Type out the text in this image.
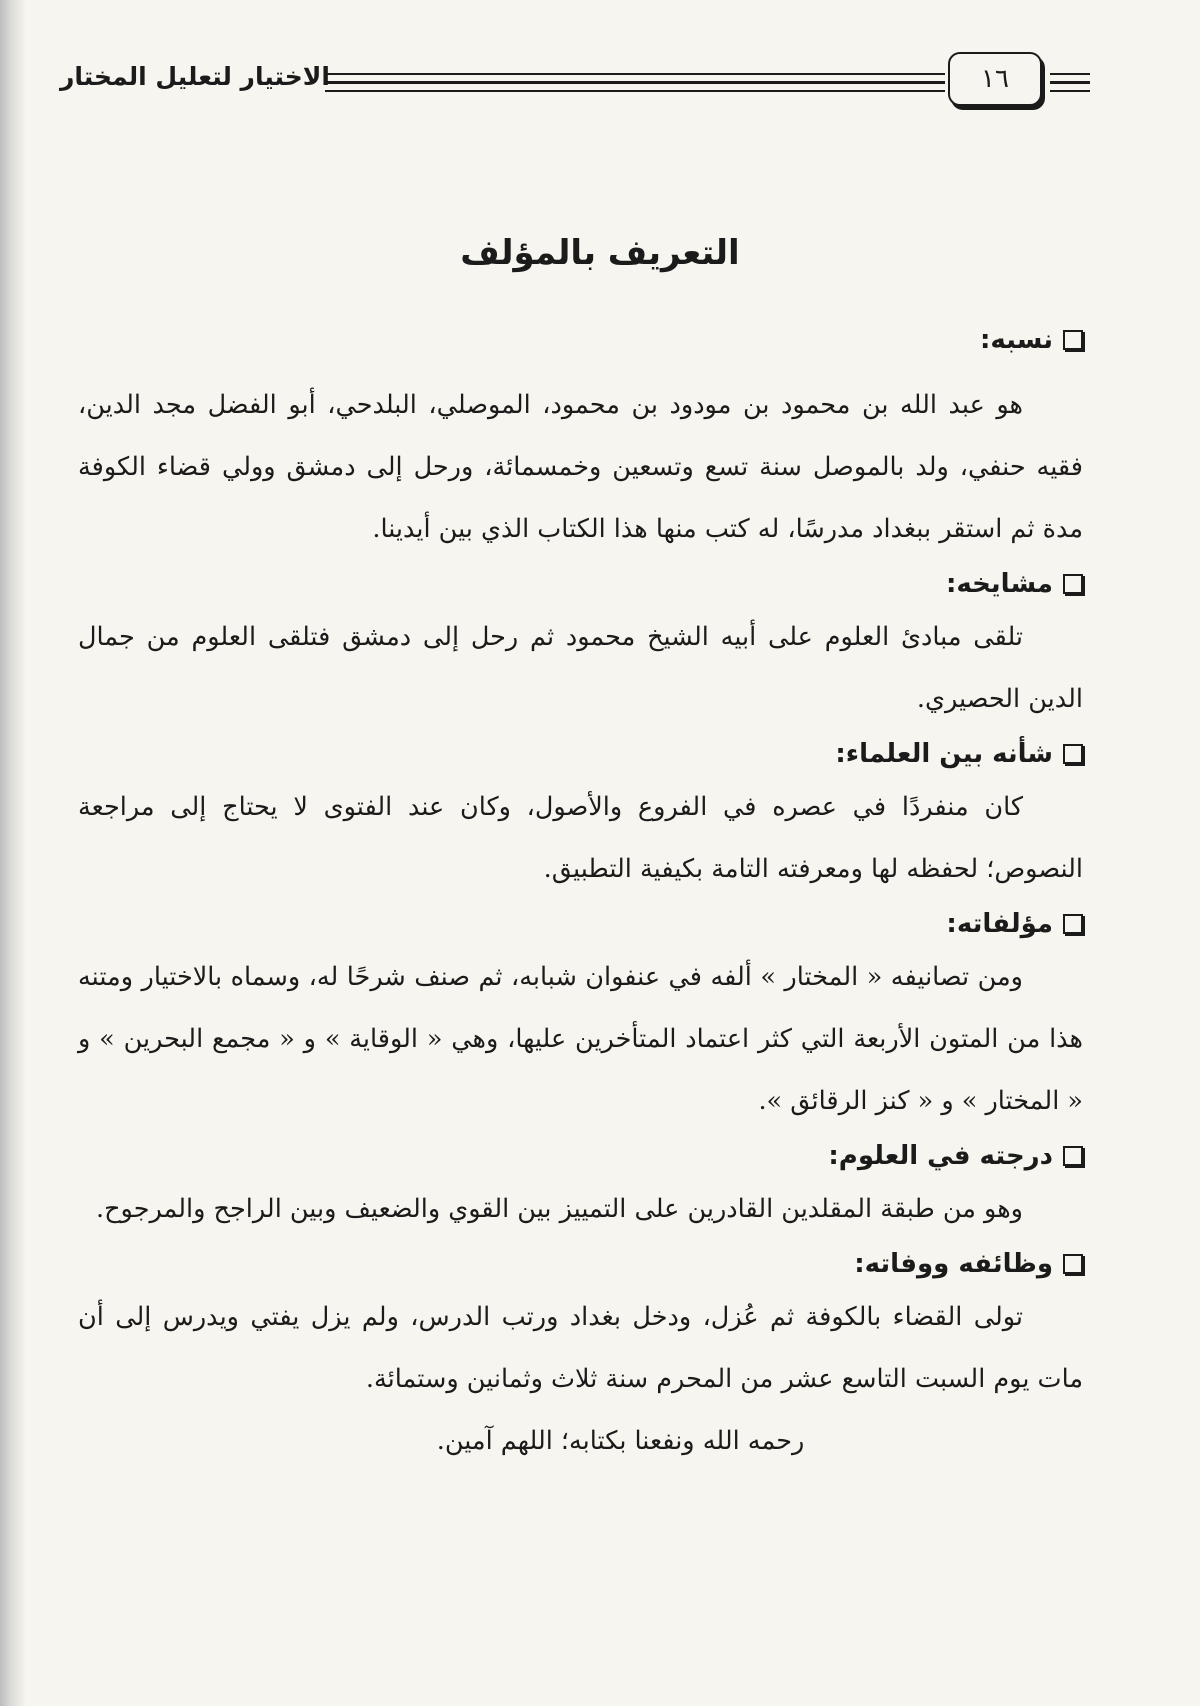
الاختيار لتعليل المختار	١٦
التعريف بالمؤلف
نسبه:

هو عبد الله بن محمود بن مودود بن محمود، الموصلي، البلدحي، أبو الفضل مجد الدين، فقيه حنفي، ولد بالموصل سنة تسع وتسعين وخمسمائة، ورحل إلى دمشق وولي قضاء الكوفة مدة ثم استقر ببغداد مدرسًا، له كتب منها هذا الكتاب الذي بين أيدينا.

مشايخه:

تلقى مبادئ العلوم على أبيه الشيخ محمود ثم رحل إلى دمشق فتلقى العلوم من جمال الدين الحصيري.

شأنه بين العلماء:

كان منفردًا في عصره في الفروع والأصول، وكان عند الفتوى لا يحتاج إلى مراجعة النصوص؛ لحفظه لها ومعرفته التامة بكيفية التطبيق.

مؤلفاته:

ومن تصانيفه « المختار » ألفه في عنفوان شبابه، ثم صنف شرحًا له، وسماه بالاختيار ومتنه هذا من المتون الأربعة التي كثر اعتماد المتأخرين عليها، وهي « الوقاية » و « مجمع البحرين » و « المختار » و « كنز الرقائق ».

درجته في العلوم:

وهو من طبقة المقلدين القادرين على التمييز بين القوي والضعيف وبين الراجح والمرجوح.

وظائفه ووفاته:

تولى القضاء بالكوفة ثم عُزل، ودخل بغداد ورتب الدرس، ولم يزل يفتي ويدرس إلى أن مات يوم السبت التاسع عشر من المحرم سنة ثلاث وثمانين وستمائة.

رحمه الله ونفعنا بكتابه؛ اللهم آمين.
